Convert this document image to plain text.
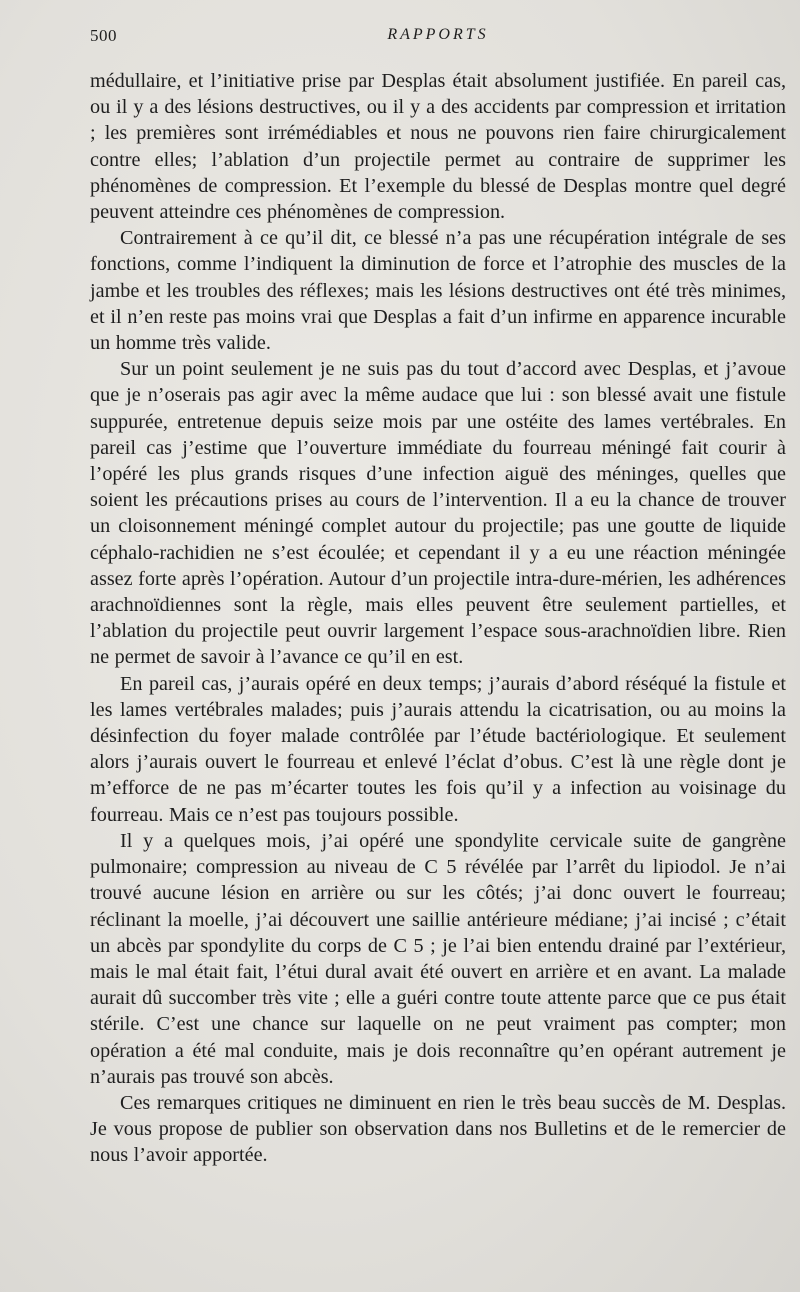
500	RAPPORTS

médullaire, et l’initiative prise par Desplas était absolument justifiée. En pareil cas, ou il y a des lésions destructives, ou il y a des accidents par compression et irritation ; les premières sont irrémédiables et nous ne pouvons rien faire chirurgicalement contre elles; l’ablation d’un projectile permet au contraire de supprimer les phénomènes de compression. Et l’exemple du blessé de Desplas montre quel degré peuvent atteindre ces phénomènes de compression.

Contrairement à ce qu’il dit, ce blessé n’a pas une récupération intégrale de ses fonctions, comme l’indiquent la diminution de force et l’atrophie des muscles de la jambe et les troubles des réflexes; mais les lésions destructives ont été très minimes, et il n’en reste pas moins vrai que Desplas a fait d’un infirme en apparence incurable un homme très valide.

Sur un point seulement je ne suis pas du tout d’accord avec Desplas, et j’avoue que je n’oserais pas agir avec la même audace que lui : son blessé avait une fistule suppurée, entretenue depuis seize mois par une ostéite des lames vertébrales. En pareil cas j’estime que l’ouverture immédiate du fourreau méningé fait courir à l’opéré les plus grands risques d’une infection aiguë des méninges, quelles que soient les précautions prises au cours de l’intervention. Il a eu la chance de trouver un cloisonnement méningé complet autour du projectile; pas une goutte de liquide céphalo-rachidien ne s’est écoulée; et cependant il y a eu une réaction méningée assez forte après l’opération. Autour d’un projectile intra-dure-mérien, les adhérences arachnoïdiennes sont la règle, mais elles peuvent être seulement partielles, et l’ablation du projectile peut ouvrir largement l’espace sous-arachnoïdien libre. Rien ne permet de savoir à l’avance ce qu’il en est.

En pareil cas, j’aurais opéré en deux temps; j’aurais d’abord réséqué la fistule et les lames vertébrales malades; puis j’aurais attendu la cicatrisation, ou au moins la désinfection du foyer malade contrôlée par l’étude bactériologique. Et seulement alors j’aurais ouvert le fourreau et enlevé l’éclat d’obus. C’est là une règle dont je m’efforce de ne pas m’écarter toutes les fois qu’il y a infection au voisinage du fourreau. Mais ce n’est pas toujours possible.

Il y a quelques mois, j’ai opéré une spondylite cervicale suite de gangrène pulmonaire; compression au niveau de C 5 révélée par l’arrêt du lipiodol. Je n’ai trouvé aucune lésion en arrière ou sur les côtés; j’ai donc ouvert le fourreau; réclinant la moelle, j’ai découvert une saillie antérieure médiane; j’ai incisé ; c’était un abcès par spondylite du corps de C 5 ; je l’ai bien entendu drainé par l’extérieur, mais le mal était fait, l’étui dural avait été ouvert en arrière et en avant. La malade aurait dû succomber très vite ; elle a guéri contre toute attente parce que ce pus était stérile. C’est une chance sur laquelle on ne peut vraiment pas compter; mon opération a été mal conduite, mais je dois reconnaître qu’en opérant autrement je n’aurais pas trouvé son abcès.

Ces remarques critiques ne diminuent en rien le très beau succès de M. Desplas. Je vous propose de publier son observation dans nos Bulletins et de le remercier de nous l’avoir apportée.
